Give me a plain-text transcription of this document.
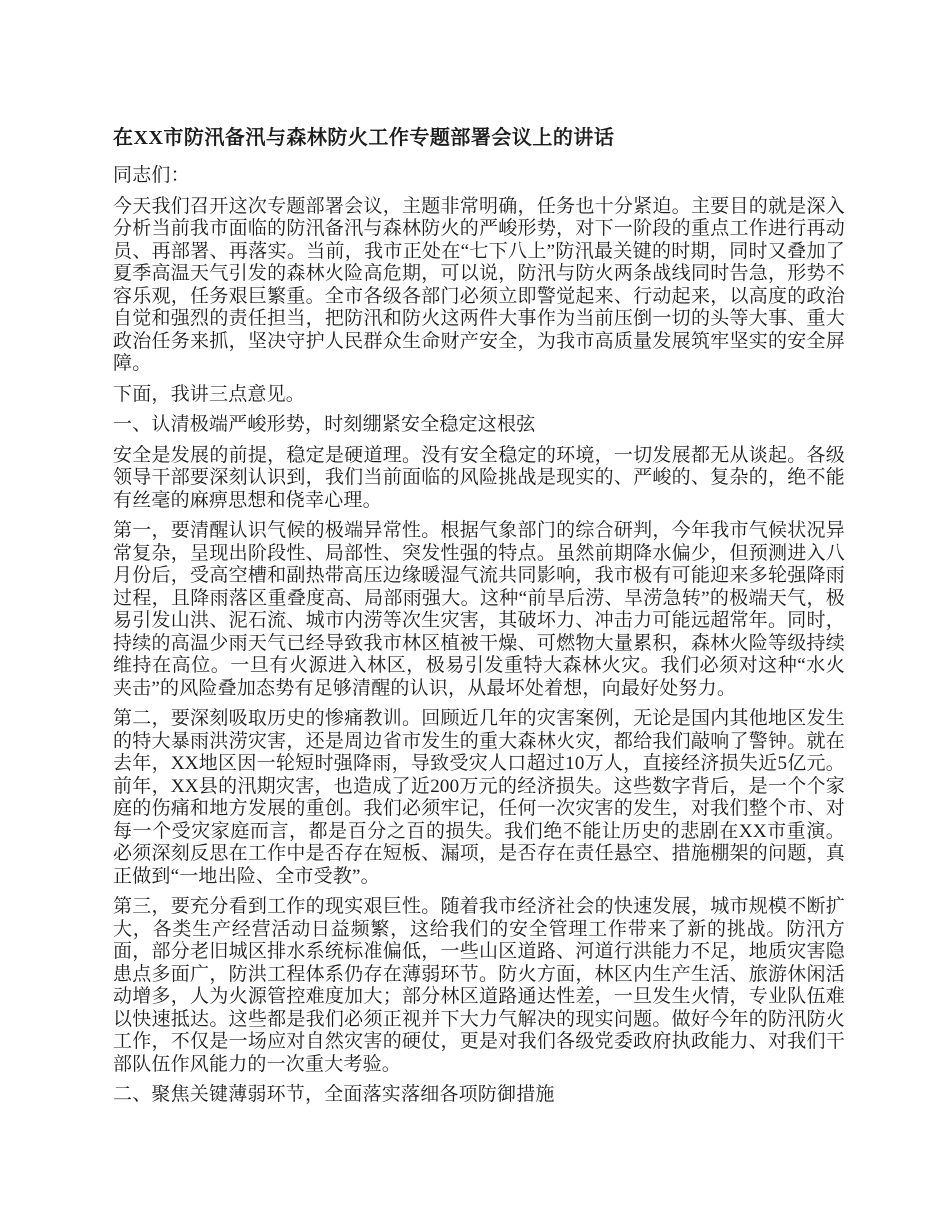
在XX市防汛备汛与森林防火工作专题部署会议上的讲话

同志们：

今天我们召开这次专题部署会议，主题非常明确，任务也十分紧迫。主要目的就是深入分析当前我市面临的防汛备汛与森林防火的严峻形势，对下一阶段的重点工作进行再动员、再部署、再落实。当前，我市正处在“七下八上”防汛最关键的时期，同时又叠加了夏季高温天气引发的森林火险高危期，可以说，防汛与防火两条战线同时告急，形势不容乐观，任务艰巨繁重。全市各级各部门必须立即警觉起来、行动起来，以高度的政治自觉和强烈的责任担当，把防汛和防火这两件大事作为当前压倒一切的头等大事、重大政治任务来抓，坚决守护人民群众生命财产安全，为我市高质量发展筑牢坚实的安全屏障。

下面，我讲三点意见。

一、认清极端严峻形势，时刻绷紧安全稳定这根弦

安全是发展的前提，稳定是硬道理。没有安全稳定的环境，一切发展都无从谈起。各级领导干部要深刻认识到，我们当前面临的风险挑战是现实的、严峻的、复杂的，绝不能有丝毫的麻痹思想和侥幸心理。

第一，要清醒认识气候的极端异常性。根据气象部门的综合研判，今年我市气候状况异常复杂，呈现出阶段性、局部性、突发性强的特点。虽然前期降水偏少，但预测进入八月份后，受高空槽和副热带高压边缘暖湿气流共同影响，我市极有可能迎来多轮强降雨过程，且降雨落区重叠度高、局部雨强大。这种“前旱后涝、旱涝急转”的极端天气，极易引发山洪、泥石流、城市内涝等次生灾害，其破坏力、冲击力可能远超常年。同时，持续的高温少雨天气已经导致我市林区植被干燥、可燃物大量累积，森林火险等级持续维持在高位。一旦有火源进入林区，极易引发重特大森林火灾。我们必须对这种“水火夹击”的风险叠加态势有足够清醒的认识，从最坏处着想，向最好处努力。

第二，要深刻吸取历史的惨痛教训。回顾近几年的灾害案例，无论是国内其他地区发生的特大暴雨洪涝灾害，还是周边省市发生的重大森林火灾，都给我们敲响了警钟。就在去年，XX地区因一轮短时强降雨，导致受灾人口超过10万人，直接经济损失近5亿元。前年，XX县的汛期灾害，也造成了近200万元的经济损失。这些数字背后，是一个个家庭的伤痛和地方发展的重创。我们必须牢记，任何一次灾害的发生，对我们整个市、对每一个受灾家庭而言，都是百分之百的损失。我们绝不能让历史的悲剧在XX市重演。必须深刻反思在工作中是否存在短板、漏项，是否存在责任悬空、措施棚架的问题，真正做到“一地出险、全市受教”。

第三，要充分看到工作的现实艰巨性。随着我市经济社会的快速发展，城市规模不断扩大，各类生产经营活动日益频繁，这给我们的安全管理工作带来了新的挑战。防汛方面，部分老旧城区排水系统标准偏低，一些山区道路、河道行洪能力不足，地质灾害隐患点多面广，防洪工程体系仍存在薄弱环节。防火方面，林区内生产生活、旅游休闲活动增多，人为火源管控难度加大；部分林区道路通达性差，一旦发生火情，专业队伍难以快速抵达。这些都是我们必须正视并下大力气解决的现实问题。做好今年的防汛防火工作，不仅是一场应对自然灾害的硬仗，更是对我们各级党委政府执政能力、对我们干部队伍作风能力的一次重大考验。

二、聚焦关键薄弱环节，全面落实落细各项防御措施
